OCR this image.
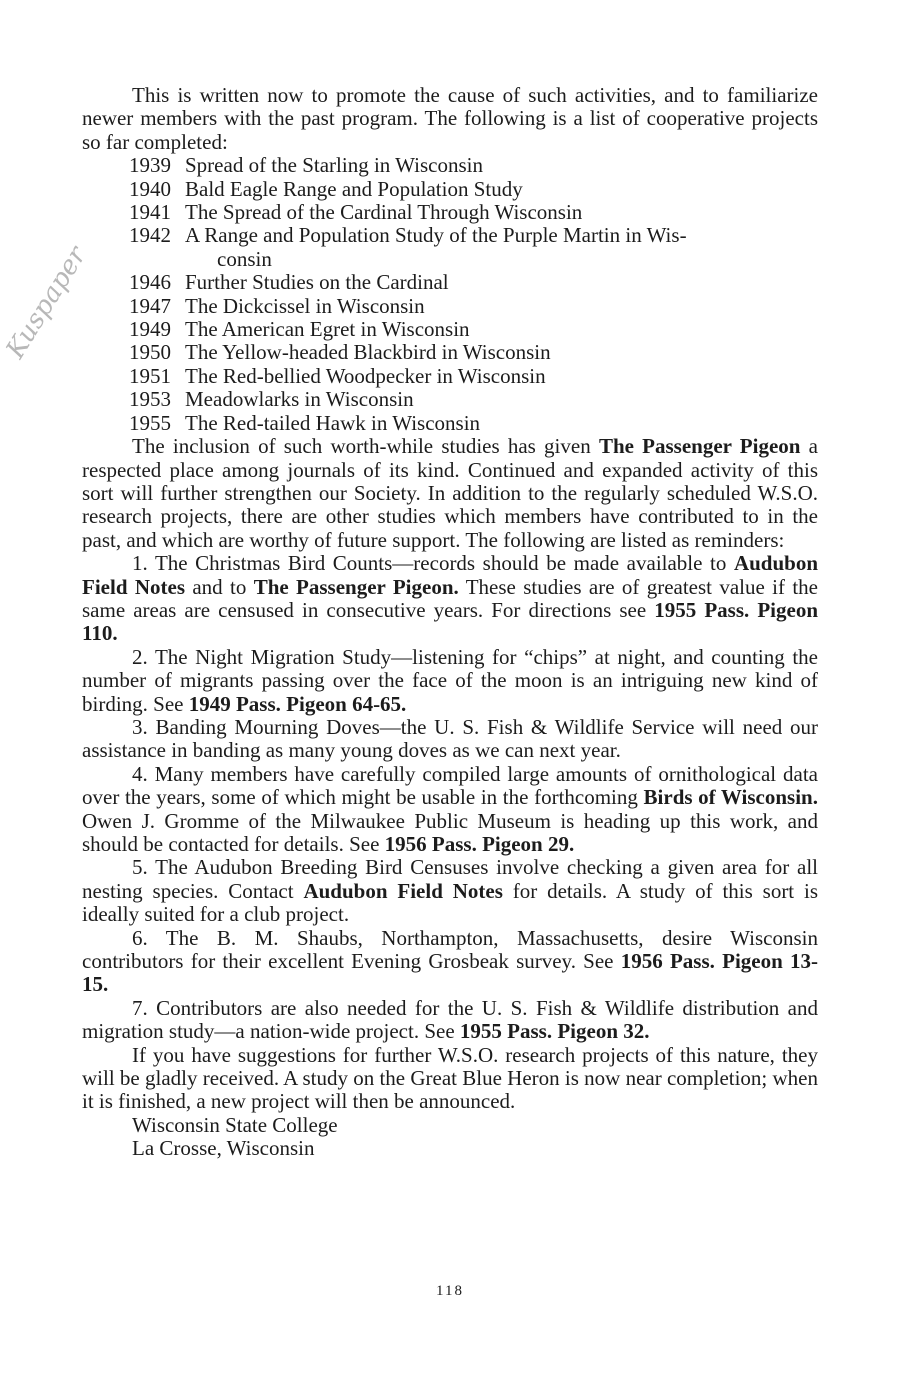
Kuspaper

This is written now to promote the cause of such activities, and to familiarize newer members with the past program. The following is a list of cooperative projects so far completed:

1939 Spread of the Starling in Wisconsin
1940 Bald Eagle Range and Population Study
1941 The Spread of the Cardinal Through Wisconsin
1942 A Range and Population Study of the Purple Martin in Wis-
consin
1946 Further Studies on the Cardinal
1947 The Dickcissel in Wisconsin
1949 The American Egret in Wisconsin
1950 The Yellow-headed Blackbird in Wisconsin
1951 The Red-bellied Woodpecker in Wisconsin
1953 Meadowlarks in Wisconsin
1955 The Red-tailed Hawk in Wisconsin

The inclusion of such worth-while studies has given The Passenger Pigeon a respected place among journals of its kind. Continued and expanded activity of this sort will further strengthen our Society. In addition to the regularly scheduled W.S.O. research projects, there are other studies which members have contributed to in the past, and which are worthy of future support. The following are listed as reminders:

1. The Christmas Bird Counts—records should be made available to Audubon Field Notes and to The Passenger Pigeon. These studies are of greatest value if the same areas are censused in consecutive years. For directions see 1955 Pass. Pigeon 110.

2. The Night Migration Study—listening for “chips” at night, and counting the number of migrants passing over the face of the moon is an intriguing new kind of birding. See 1949 Pass. Pigeon 64-65.

3. Banding Mourning Doves—the U. S. Fish & Wildlife Service will need our assistance in banding as many young doves as we can next year.

4. Many members have carefully compiled large amounts of ornithological data over the years, some of which might be usable in the forthcoming Birds of Wisconsin. Owen J. Gromme of the Milwaukee Public Museum is heading up this work, and should be contacted for details. See 1956 Pass. Pigeon 29.

5. The Audubon Breeding Bird Censuses involve checking a given area for all nesting species. Contact Audubon Field Notes for details. A study of this sort is ideally suited for a club project.

6. The B. M. Shaubs, Northampton, Massachusetts, desire Wisconsin contributors for their excellent Evening Grosbeak survey. See 1956 Pass. Pigeon 13-15.

7. Contributors are also needed for the U. S. Fish & Wildlife distribution and migration study—a nation-wide project. See 1955 Pass. Pigeon 32.

If you have suggestions for further W.S.O. research projects of this nature, they will be gladly received. A study on the Great Blue Heron is now near completion; when it is finished, a new project will then be announced.

Wisconsin State College

La Crosse, Wisconsin

118
